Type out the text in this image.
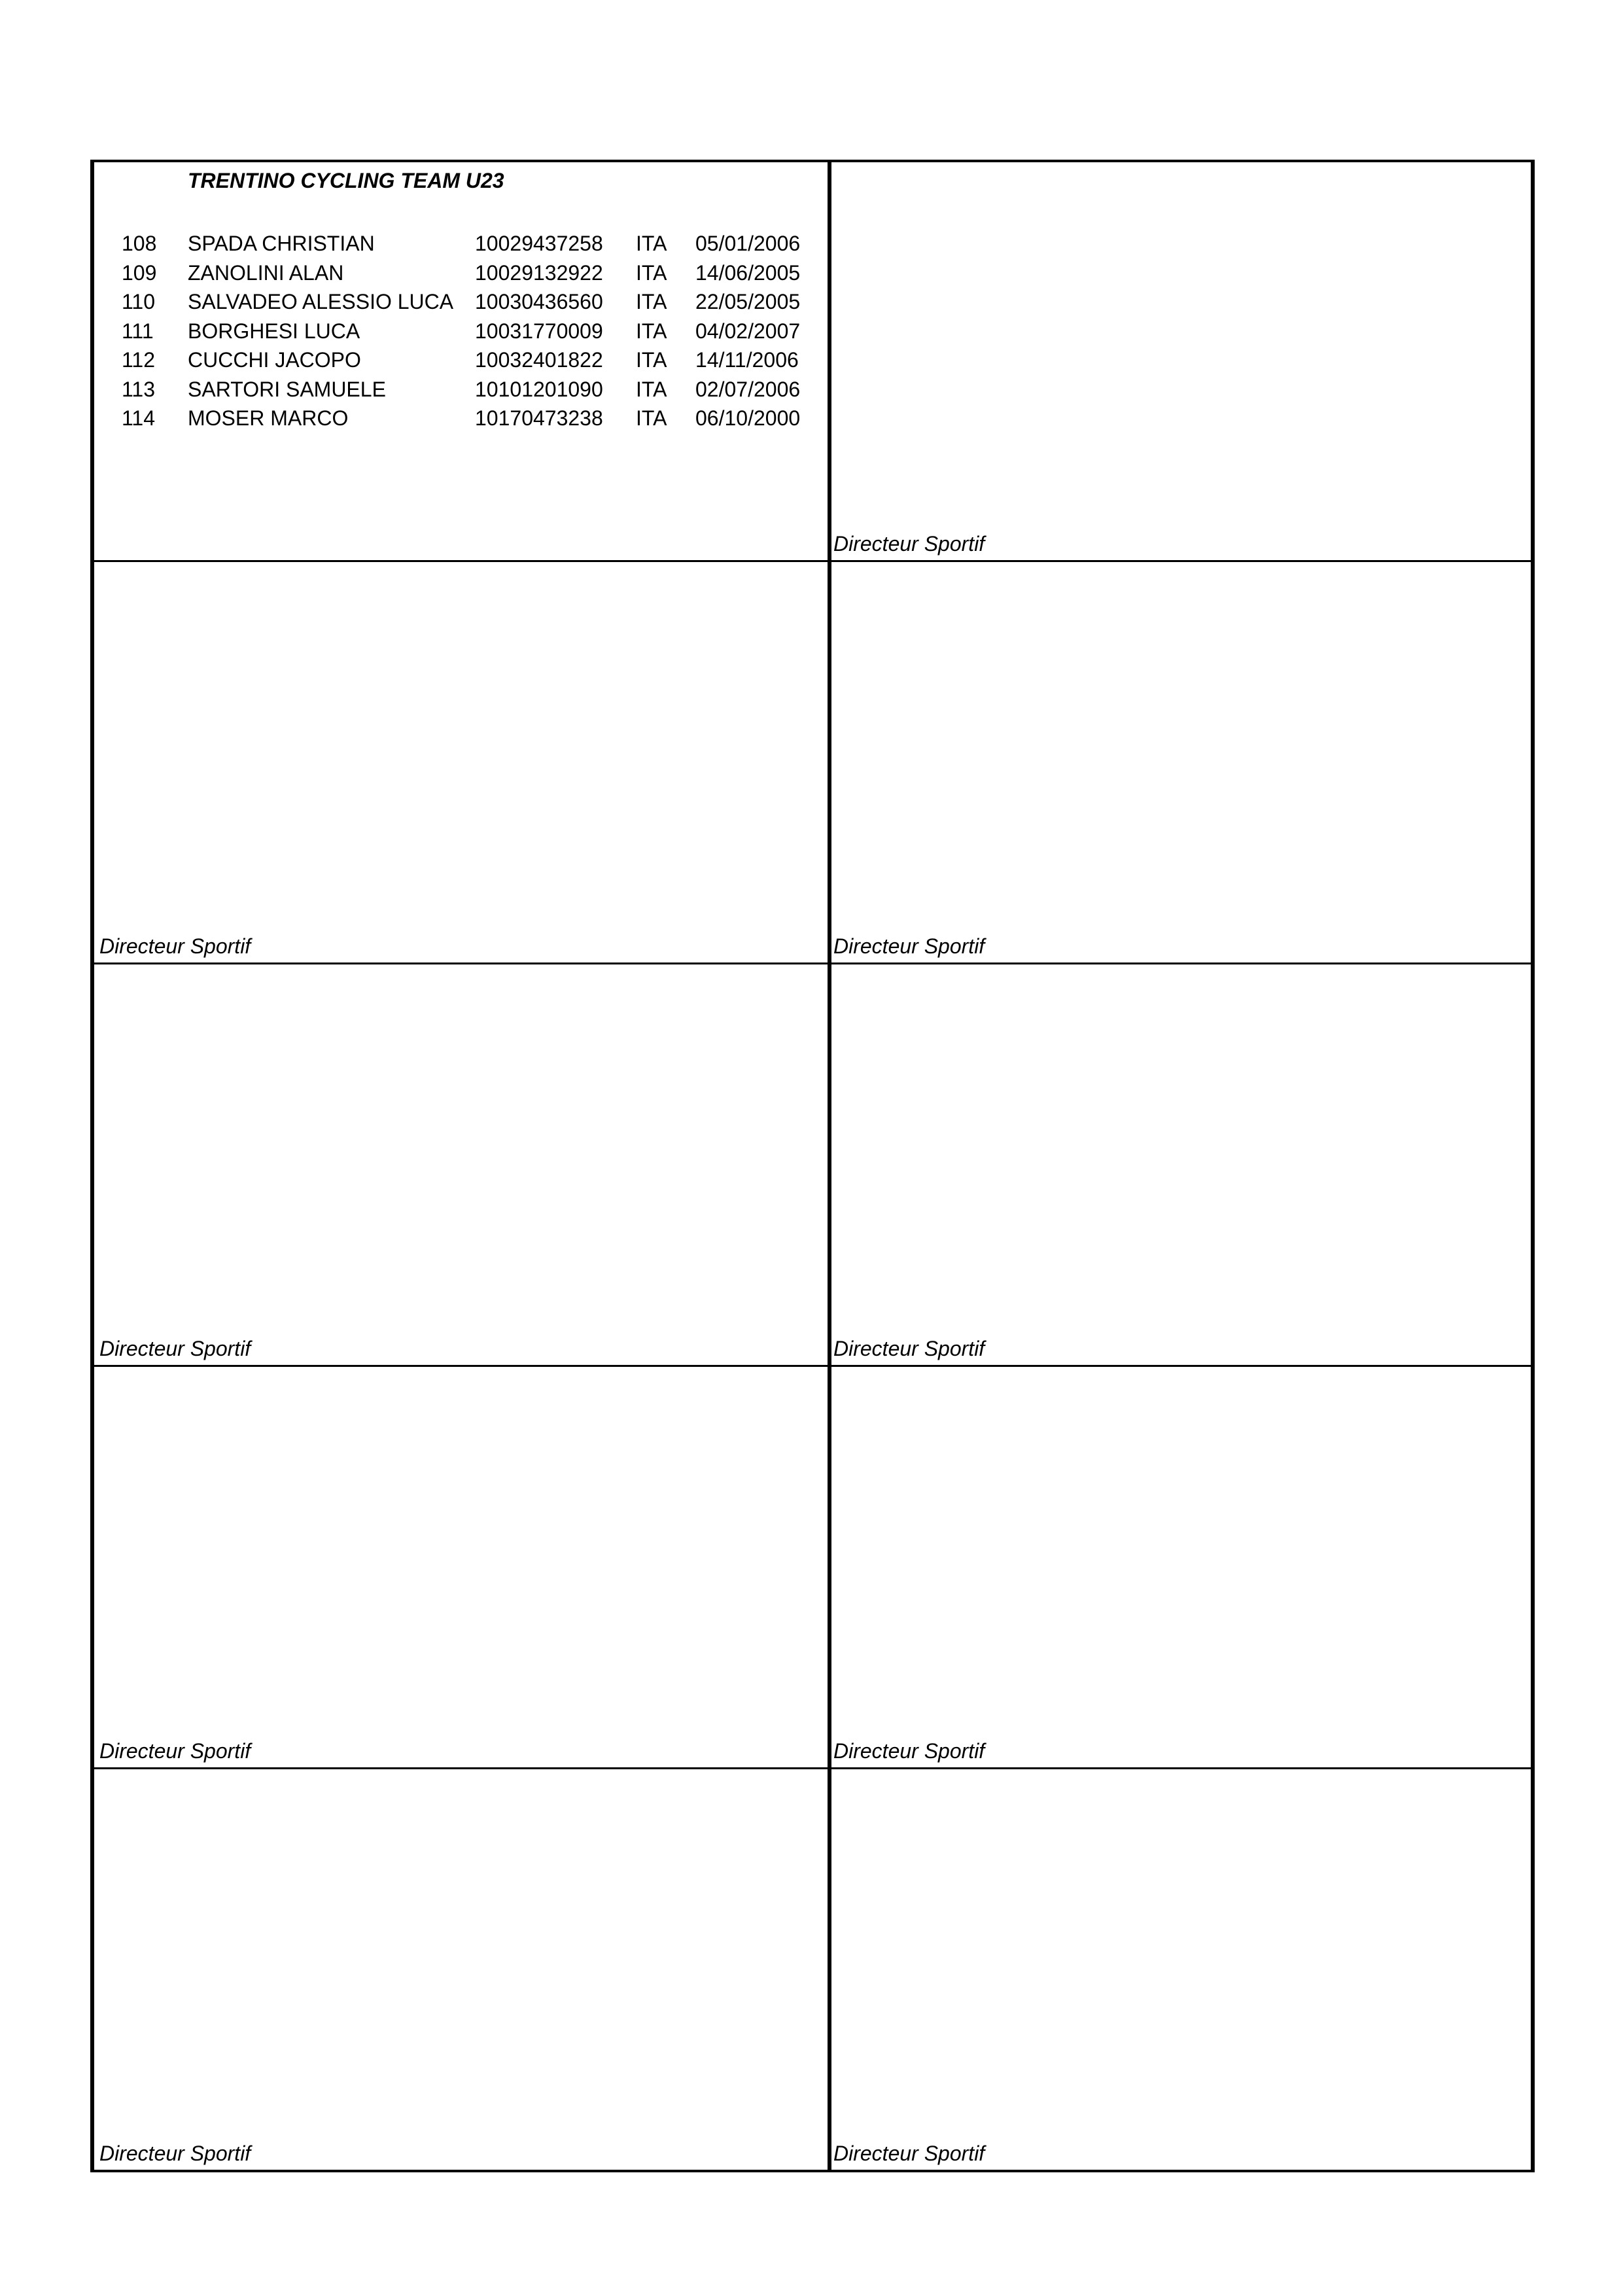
TRENTINO CYCLING TEAM U23
108 SPADA CHRISTIAN	10029437258 ITA 05/01/2006
109 ZANOLINI ALAN	10029132922 ITA 14/06/2005
110 SALVADEO ALESSIO LUCA 10030436560 ITA 22/05/2005
111 BORGHESI LUCA	10031770009 ITA 04/02/2007
112 CUCCHI JACOPO	10032401822 ITA 14/11/2006
113 SARTORI SAMUELE	10101201090 ITA 02/07/2006
114 MOSER MARCO	10170473238 ITA 06/10/2000
Directeur Sportif
Directeur Sportif	Directeur Sportif
Directeur Sportif	Directeur Sportif
Directeur Sportif	Directeur Sportif
Directeur Sportif	Directeur Sportif
